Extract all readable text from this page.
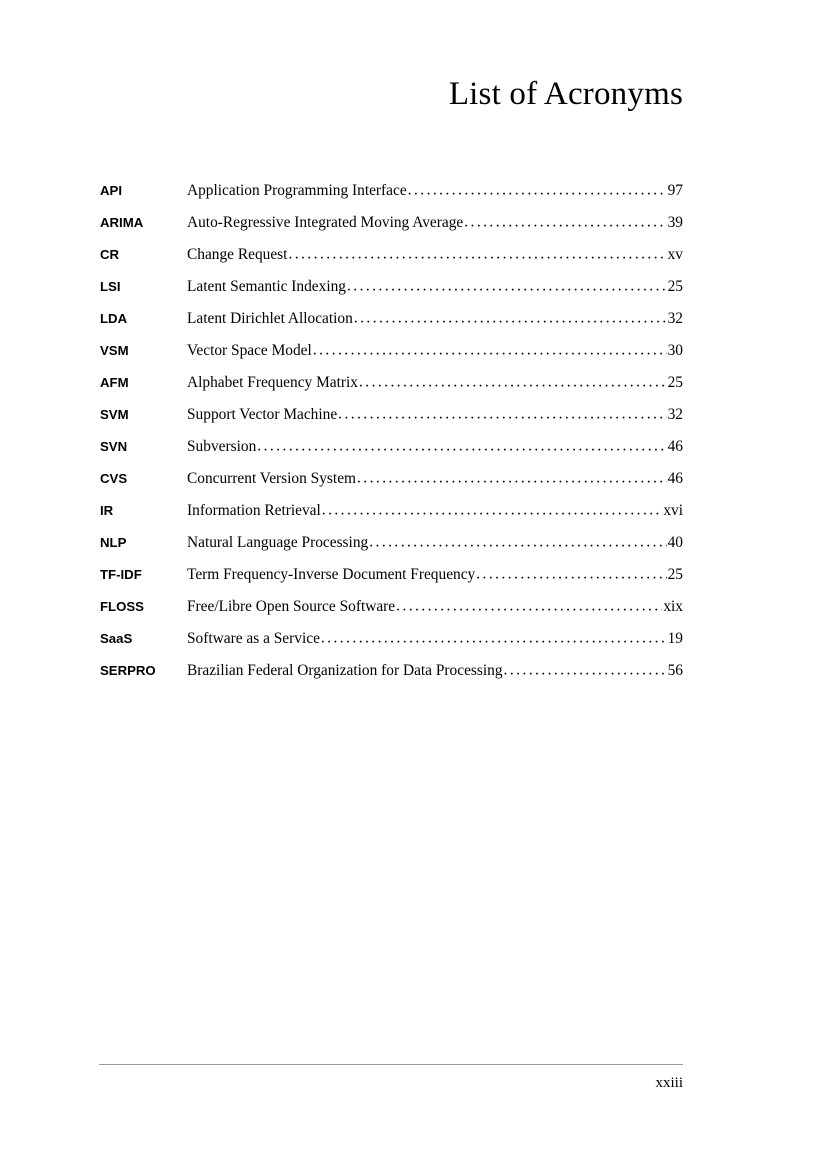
List of Acronyms
API	Application Programming Interface .....	97
ARIMA	Auto-Regressive Integrated Moving Average .....	39
CR	Change Request .....	xv
LSI	Latent Semantic Indexing .....	25
LDA	Latent Dirichlet Allocation .....	32
VSM	Vector Space Model .....	30
AFM	Alphabet Frequency Matrix .....	25
SVM	Support Vector Machine .....	32
SVN	Subversion .....	46
CVS	Concurrent Version System .....	46
IR	Information Retrieval .....	xvi
NLP	Natural Language Processing .....	40
TF-IDF	Term Frequency-Inverse Document Frequency .....	25
FLOSS	Free/Libre Open Source Software .....	xix
SaaS	Software as a Service .....	19
SERPRO	Brazilian Federal Organization for Data Processing .....	56
xxiii
